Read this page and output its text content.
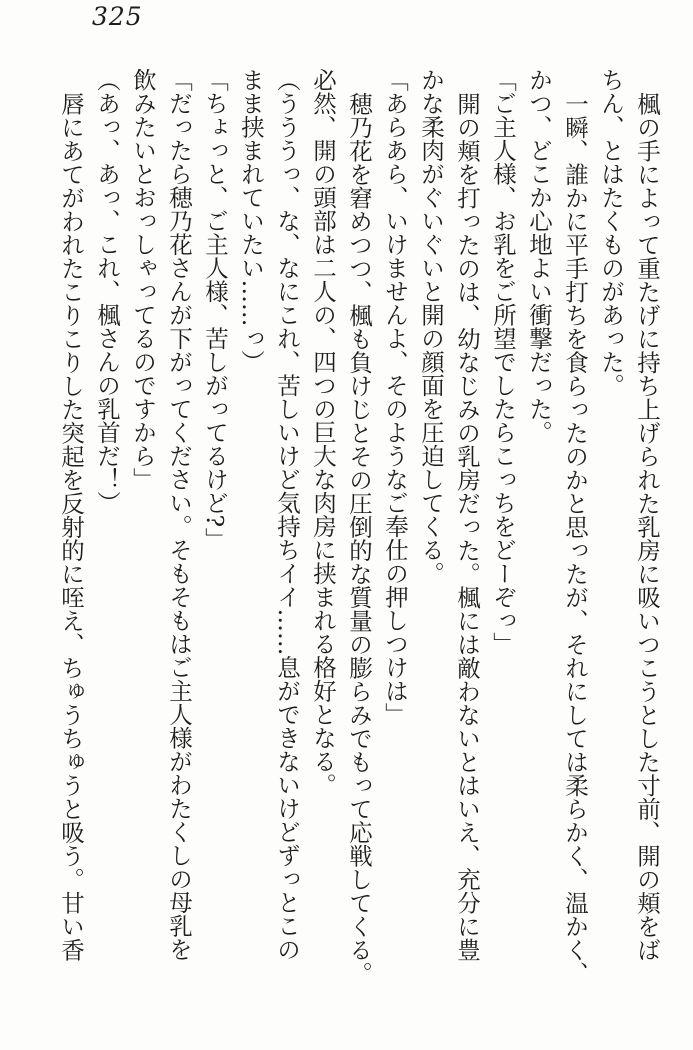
325
楓の手によって重たげに持ち上げられた乳房に吸いつこうとした寸前、開の頬をば
ちん、とはたくものがあった。
一瞬、誰かに平手打ちを食らったのかと思ったが、それにしては柔らかく、温かく、
かつ、どこか心地よい衝撃だった。
「ご主人様、お乳をご所望でしたらこっちをどーぞっ」
開の頬を打ったのは、幼なじみの乳房だった。楓には敵わないとはいえ、充分に豊
かな柔肉がぐいぐいと開の顔面を圧迫してくる。
「あらあら、いけませんよ、そのようなご奉仕の押しつけは」
穂乃花を窘めつつ、楓も負けじとその圧倒的な質量の膨らみでもって応戦してくる。
必然、開の頭部は二人の、四つの巨大な肉房に挟まれる格好となる。
（うううっ、な、なにこれ、苦しいけど気持ちイイ……息ができないけどずっとこの
まま挟まれていたい……っ）
「ちょっと、ご主人様、苦しがってるけど?」
「だったら穂乃花さんが下がってください。そもそもはご主人様がわたくしの母乳を
飲みたいとおっしゃってるのですから」
（あっ、あっ、これ、楓さんの乳首だ！）
唇にあてがわれたこりこりした突起を反射的に咥え、ちゅうちゅうと吸う。甘い香
